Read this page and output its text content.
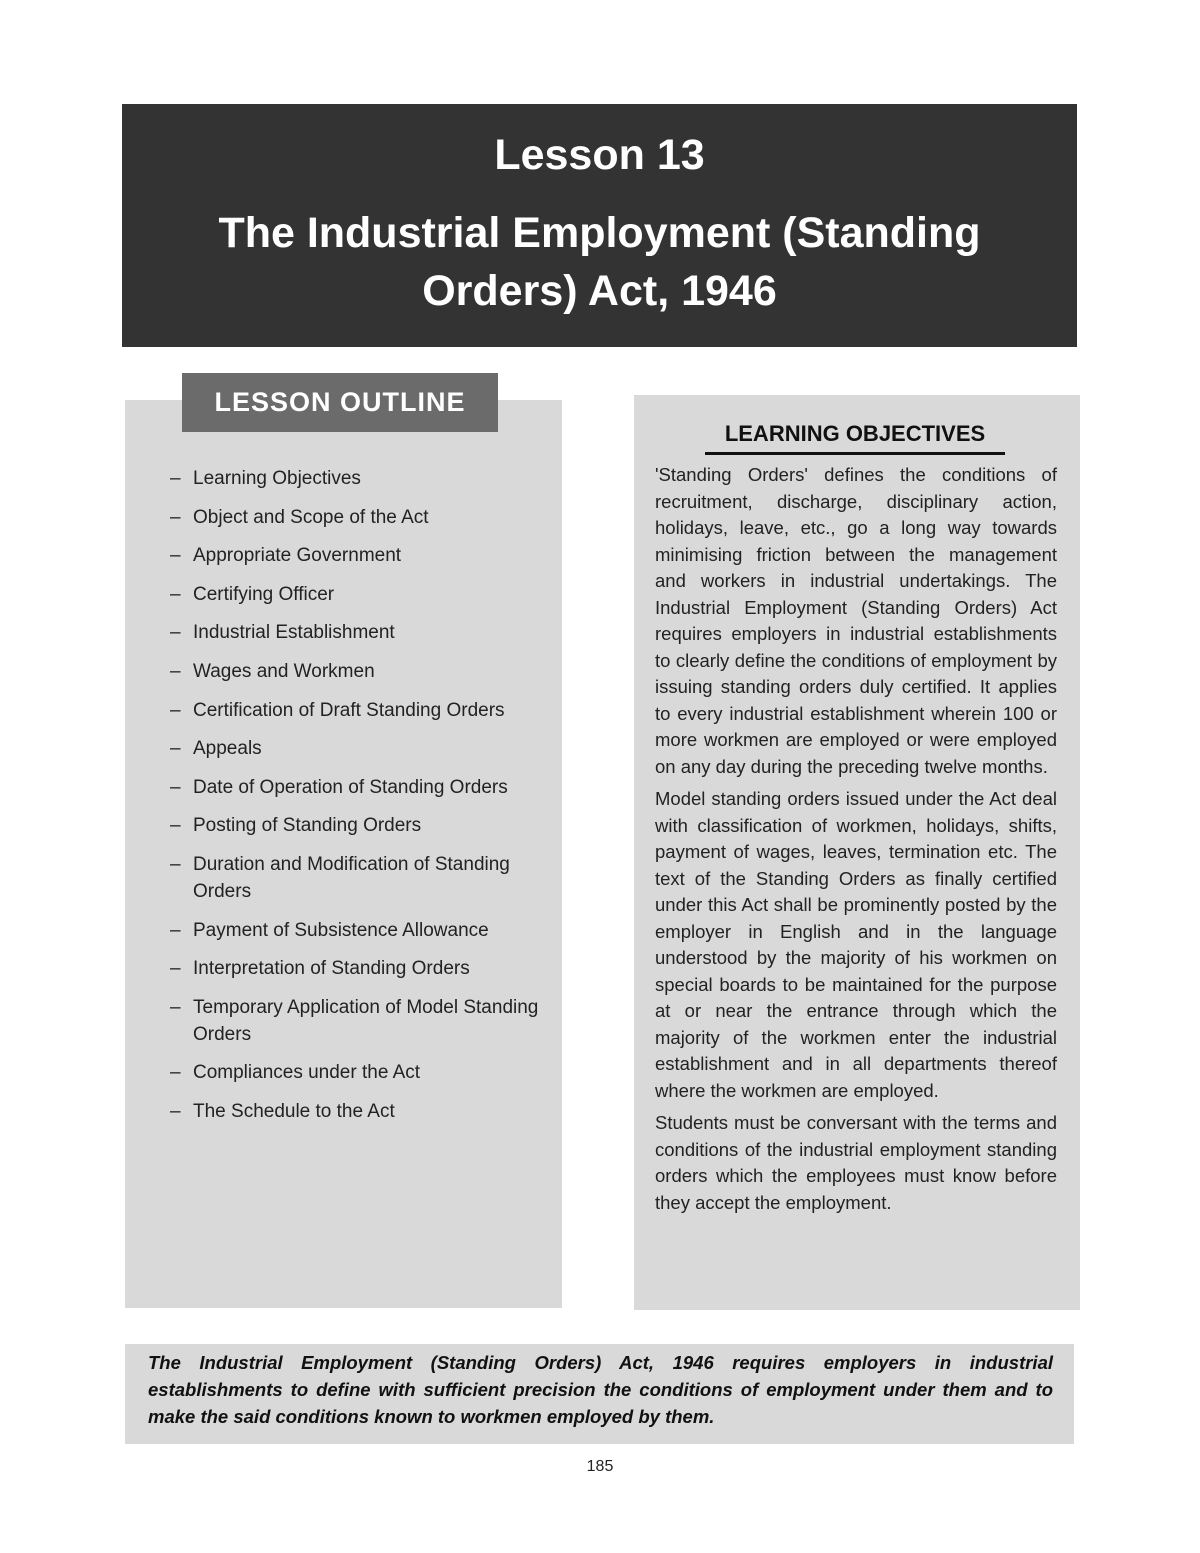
Lesson 13
The Industrial Employment (Standing Orders) Act, 1946
LESSON OUTLINE
– Learning Objectives
– Object and Scope of the Act
– Appropriate Government
– Certifying Officer
– Industrial Establishment
– Wages and Workmen
– Certification of Draft Standing Orders
– Appeals
– Date of Operation of Standing Orders
– Posting of Standing Orders
– Duration and Modification of Standing Orders
– Payment of Subsistence Allowance
– Interpretation of Standing Orders
– Temporary Application of Model Standing Orders
– Compliances under the Act
– The Schedule to the Act
LEARNING OBJECTIVES

'Standing Orders' defines the conditions of recruitment, discharge, disciplinary action, holidays, leave, etc., go a long way towards minimising friction between the management and workers in industrial undertakings. The Industrial Employment (Standing Orders) Act requires employers in industrial establishments to clearly define the conditions of employment by issuing standing orders duly certified. It applies to every industrial establishment wherein 100 or more workmen are employed or were employed on any day during the preceding twelve months.

Model standing orders issued under the Act deal with classification of workmen, holidays, shifts, payment of wages, leaves, termination etc. The text of the Standing Orders as finally certified under this Act shall be prominently posted by the employer in English and in the language understood by the majority of his workmen on special boards to be maintained for the purpose at or near the entrance through which the majority of the workmen enter the industrial establishment and in all departments thereof where the workmen are employed.

Students must be conversant with the terms and conditions of the industrial employment standing orders which the employees must know before they accept the employment.

The Industrial Employment (Standing Orders) Act, 1946 requires employers in industrial establishments to define with sufficient precision the conditions of employment under them and to make the said conditions known to workmen employed by them.
185
